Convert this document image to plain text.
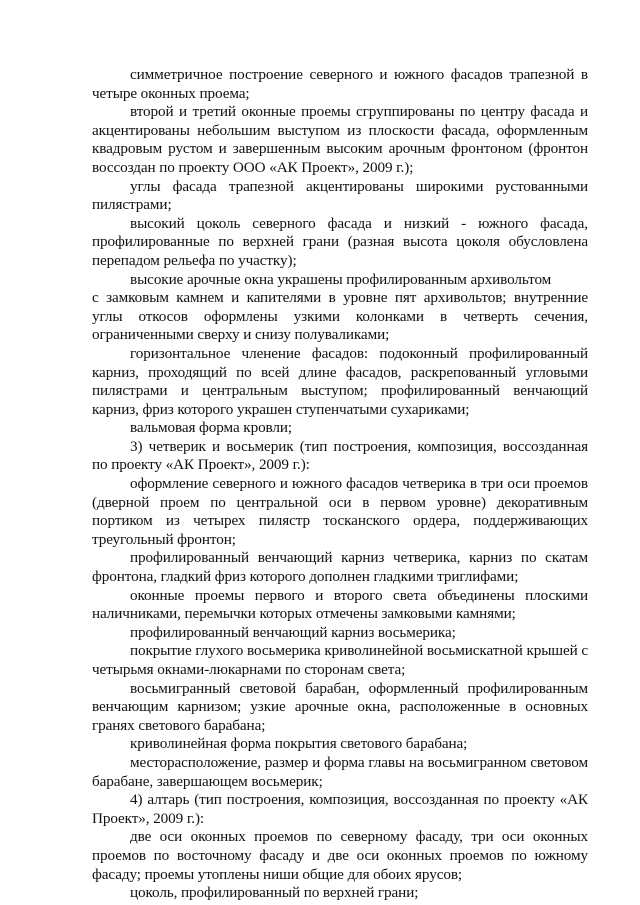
симметричное построение северного и южного фасадов трапезной в четыре оконных проема;

второй и третий оконные проемы сгруппированы по центру фасада и акцентированы небольшим выступом из плоскости фасада, оформленным квадровым рустом и завершенным высоким арочным фронтоном (фронтон воссоздан по проекту ООО «АК Проект», 2009 г.);

углы фасада трапезной акцентированы широкими рустованными пилястрами;

высокий цоколь северного фасада и низкий - южного фасада, профилированные по верхней грани (разная высота цоколя обусловлена перепадом рельефа по участку);

высокие арочные окна украшены профилированным архивольтом

с замковым камнем и капителями в уровне пят архивольтов; внутренние углы откосов оформлены узкими колонками в четверть сечения, ограниченными сверху и снизу полуваликами;

горизонтальное членение фасадов: подоконный профилированный карниз, проходящий по всей длине фасадов, раскрепованный угловыми пилястрами и центральным выступом; профилированный венчающий карниз, фриз которого украшен ступенчатыми сухариками;

вальмовая форма кровли;

3) четверик и восьмерик (тип построения, композиция, воссозданная по проекту «АК Проект», 2009 г.):

оформление северного и южного фасадов четверика в три оси проемов (дверной проем по центральной оси в первом уровне) декоративным портиком из четырех пилястр тосканского ордера, поддерживающих треугольный фронтон;

профилированный венчающий карниз четверика, карниз по скатам фронтона, гладкий фриз которого дополнен гладкими триглифами;

оконные проемы первого и второго света объединены плоскими наличниками, перемычки которых отмечены замковыми камнями;

профилированный венчающий карниз восьмерика;

покрытие глухого восьмерика криволинейной восьмискатной крышей с четырьмя окнами-люкарнами по сторонам света;

восьмигранный световой барабан, оформленный профилированным венчающим карнизом; узкие арочные окна, расположенные в основных гранях светового барабана;

криволинейная форма покрытия светового барабана;

месторасположение, размер и форма главы на восьмигранном световом барабане, завершающем восьмерик;

4) алтарь (тип построения, композиция, воссозданная по проекту «АК Проект», 2009 г.):

две оси оконных проемов по северному фасаду, три оси оконных проемов по восточному фасаду и две оси оконных проемов по южному фасаду; проемы утоплены ниши общие для обоих ярусов;

цоколь, профилированный по верхней грани;
